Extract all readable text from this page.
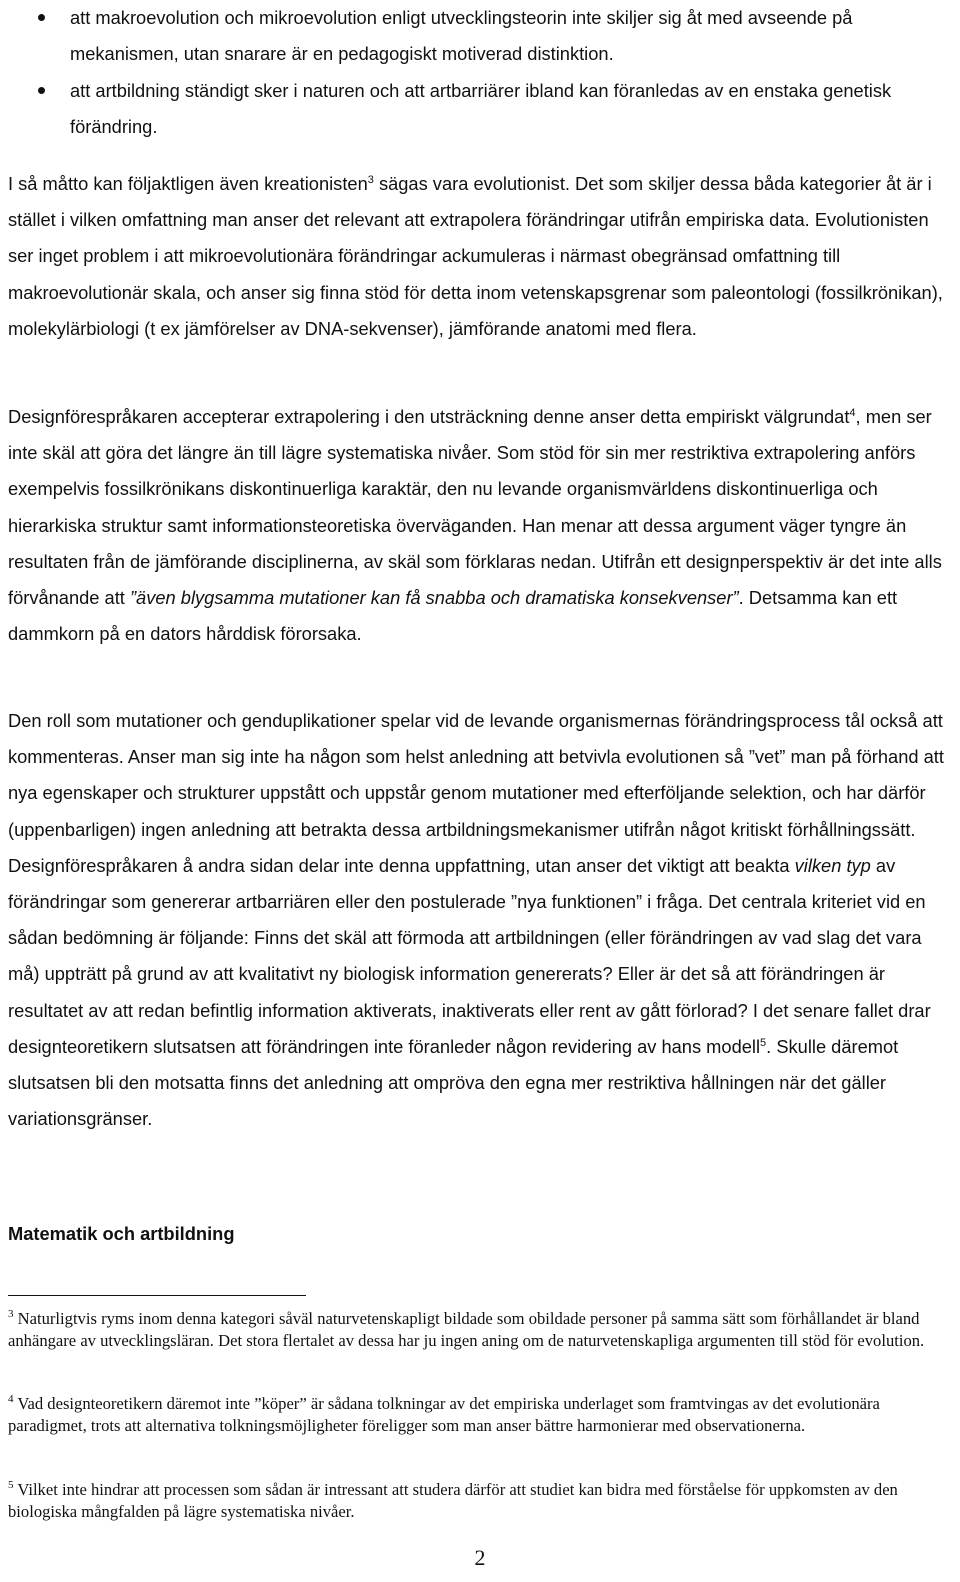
att makroevolution och mikroevolution enligt utvecklingsteorin inte skiljer sig åt med avseende på mekanismen, utan snarare är en pedagogiskt motiverad distinktion.
att artbildning ständigt sker i naturen och att artbarriärer ibland kan föranledas av en enstaka genetisk förändring.

I så måtto kan följaktligen även kreationisten$^3$ sägas vara evolutionist. Det som skiljer dessa båda kategorier åt är i stället i vilken omfattning man anser det relevant att extrapolera förändringar utifrån empiriska data. Evolutionisten ser inget problem i att mikroevolutionära förändringar ackumuleras i närmast obegränsad omfattning till makroevolutionär skala, och anser sig finna stöd för detta inom vetenskapsgrenar som paleontologi (fossilkrönikan), molekylärbiologi (t ex jämförelser av DNA-sekvenser), jämförande anatomi med flera.

Designförespråkaren accepterar extrapolering i den utsträckning denne anser detta empiriskt välgrundat$^4$, men ser inte skäl att göra det längre än till lägre systematiska nivåer. Som stöd för sin mer restriktiva extrapolering anförs exempelvis fossilkrönikans diskontinuerliga karaktär, den nu levande organismvärldens diskontinuerliga och hierarkiska struktur samt informationsteoretiska överväganden. Han menar att dessa argument väger tyngre än resultaten från de jämförande disciplinerna, av skäl som förklaras nedan. Utifrån ett designperspektiv är det inte alls förvånande att ”även blygsamma mutationer kan få snabba och dramatiska konsekvenser”. Detsamma kan ett dammkorn på en dators hårddisk förorsaka.

Den roll som mutationer och genduplikationer spelar vid de levande organismernas förändringsprocess tål också att kommenteras. Anser man sig inte ha någon som helst anledning att betvivla evolutionen så ”vet” man på förhand att nya egenskaper och strukturer uppstått och uppstår genom mutationer med efterföljande selektion, och har därför (uppenbarligen) ingen anledning att betrakta dessa artbildningsmekanismer utifrån något kritiskt förhållningssätt. Designförespråkaren å andra sidan delar inte denna uppfattning, utan anser det viktigt att beakta vilken typ av förändringar som genererar artbarriären eller den postulerade ”nya funktionen” i fråga. Det centrala kriteriet vid en sådan bedömning är följande: Finns det skäl att förmoda att artbildningen (eller förändringen av vad slag det vara må) uppträtt på grund av att kvalitativt ny biologisk information genererats? Eller är det så att förändringen är resultatet av att redan befintlig information aktiverats, inaktiverats eller rent av gått förlorad? I det senare fallet drar designteoretikern slutsatsen att förändringen inte föranleder någon revidering av hans modell$^5$. Skulle däremot slutsatsen bli den motsatta finns det anledning att ompröva den egna mer restriktiva hållningen när det gäller variationsgränser.

Matematik och artbildning

$^3$ Naturligtvis ryms inom denna kategori såväl naturvetenskapligt bildade som obildade personer på samma sätt som förhållandet är bland anhängare av utvecklingsläran. Det stora flertalet av dessa har ju ingen aning om de naturvetenskapliga argumenten till stöd för evolution.

$^4$ Vad designteoretikern däremot inte ”köper” är sådana tolkningar av det empiriska underlaget som framtvingas av det evolutionära paradigmet, trots att alternativa tolkningsmöjligheter föreligger som man anser bättre harmonierar med observationerna.

$^5$ Vilket inte hindrar att processen som sådan är intressant att studera därför att studiet kan bidra med förståelse för uppkomsten av den biologiska mångfalden på lägre systematiska nivåer.

2
